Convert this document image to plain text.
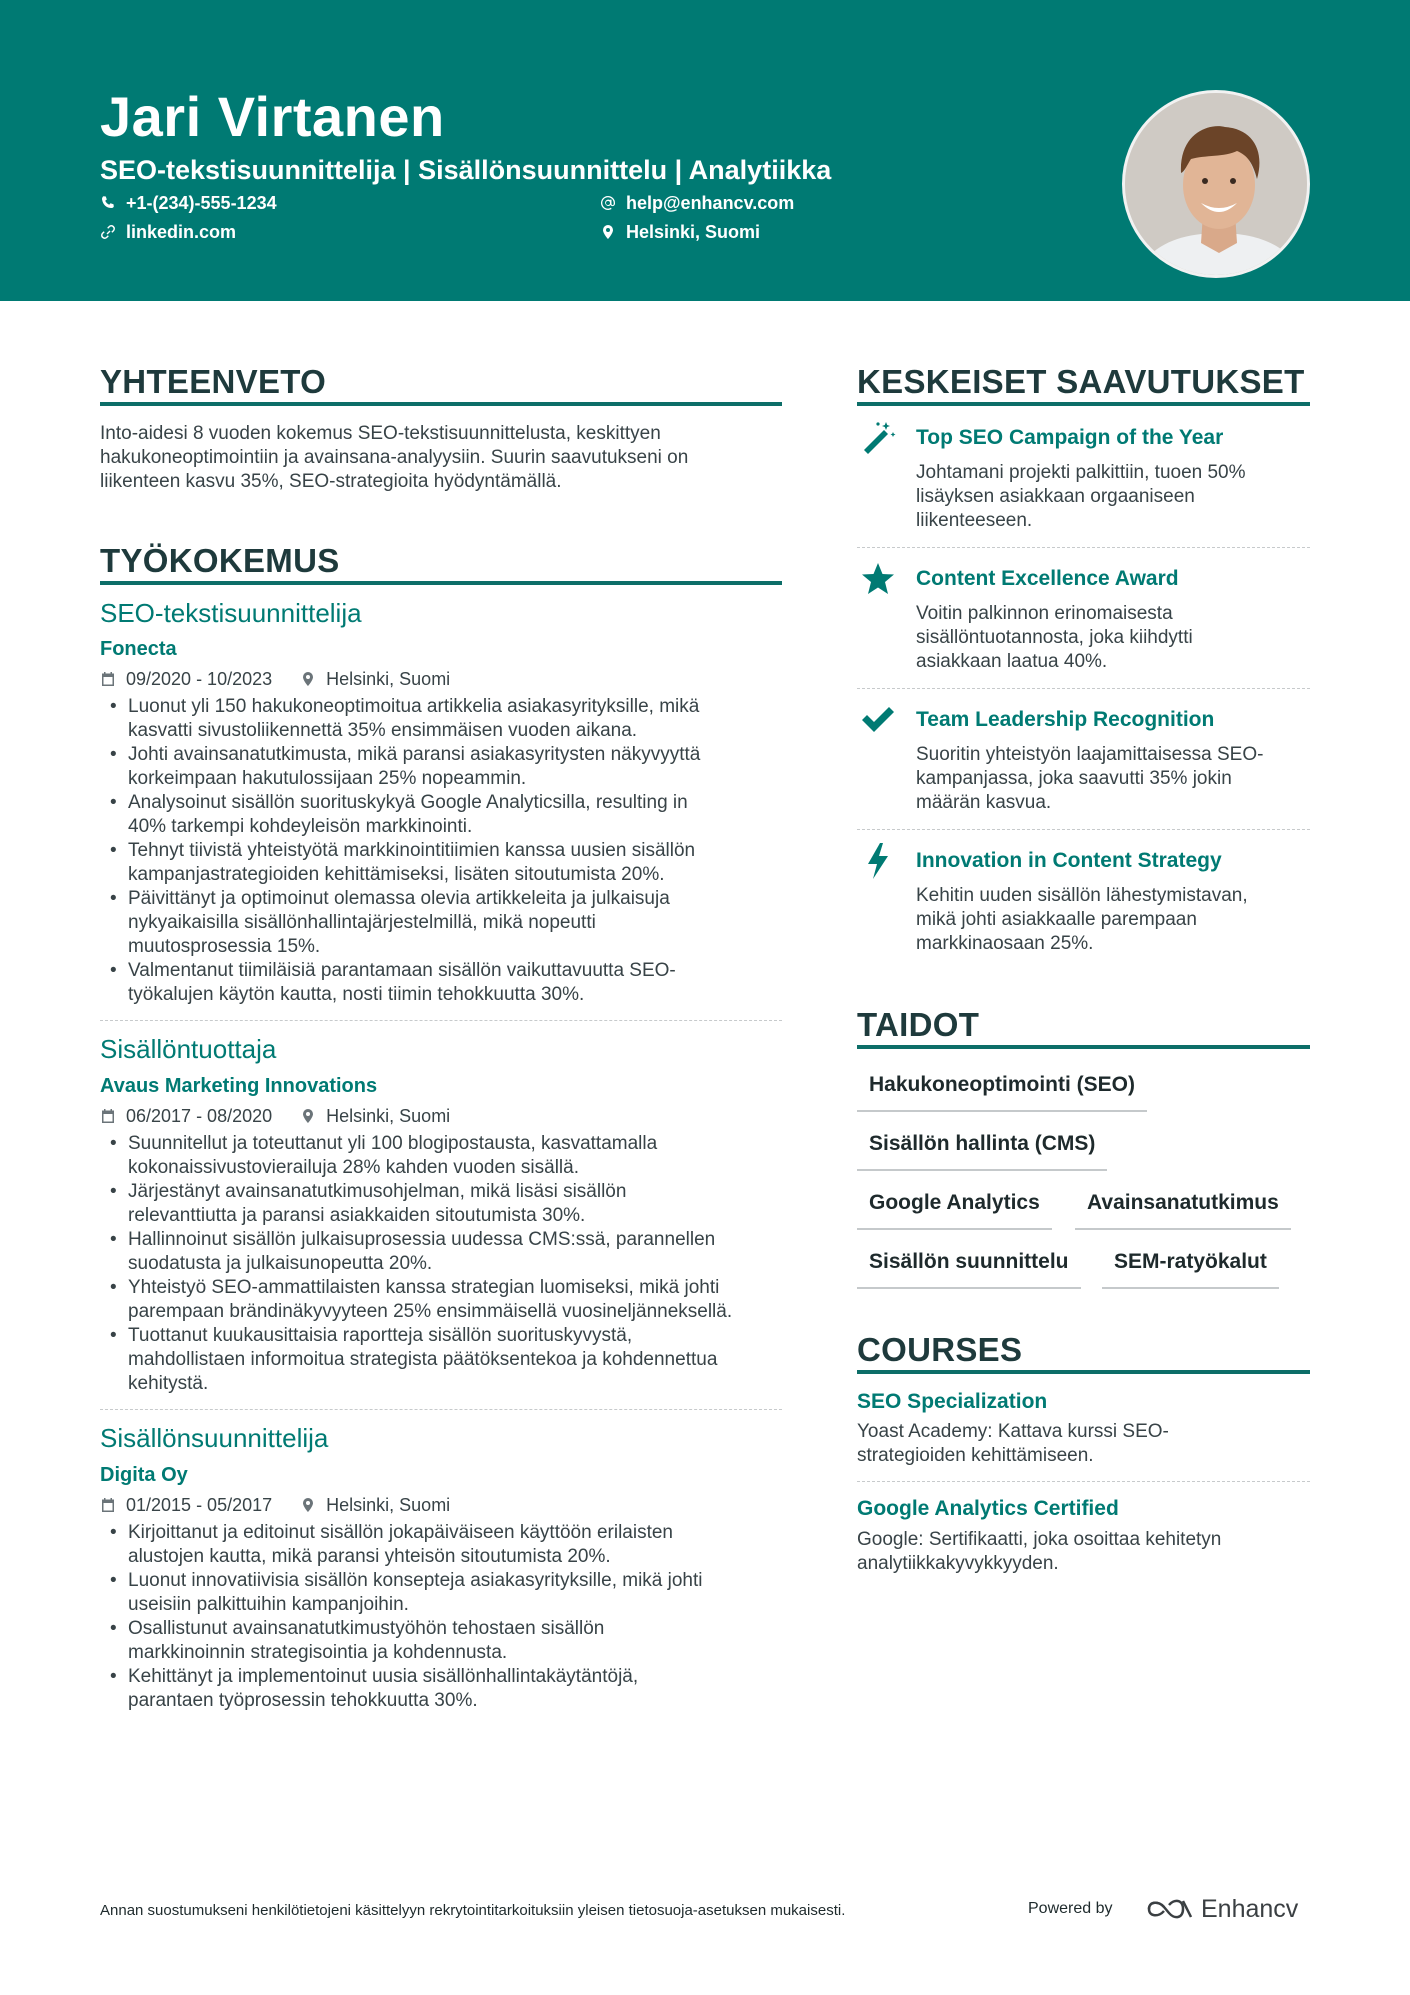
Jari Virtanen
SEO-tekstisuunnittelija | Sisällönsuunnittelu | Analytiikka
+1-(234)-555-1234	help@enhancv.com
linkedin.com	Helsinki, Suomi
YHTEENVETO
Into-aidesi 8 vuoden kokemus SEO-tekstisuunnittelusta, keskittyen
hakukoneoptimointiin ja avainsana-analyysiin. Suurin saavutukseni on
liikenteen kasvu 35%, SEO-strategioita hyödyntämällä.
TYÖKOKEMUS
SEO-tekstisuunnittelija
Fonecta
09/2020 - 10/2023	Helsinki, Suomi
• Luonut yli 150 hakukoneoptimoitua artikkelia asiakasyrityksille, mikä
kasvatti sivustoliikennettä 35% ensimmäisen vuoden aikana.
• Johti avainsanatutkimusta, mikä paransi asiakasyritysten näkyvyyttä
korkeimpaan hakutulossijaan 25% nopeammin.
• Analysoinut sisällön suorituskykyä Google Analyticsilla, resulting in
40% tarkempi kohdeyleisön markkinointi.
• Tehnyt tiivistä yhteistyötä markkinointitiimien kanssa uusien sisällön
kampanjastrategioiden kehittämiseksi, lisäten sitoutumista 20%.
• Päivittänyt ja optimoinut olemassa olevia artikkeleita ja julkaisuja
nykyaikaisilla sisällönhallintajärjestelmillä, mikä nopeutti
muutosprosessia 15%.
• Valmentanut tiimiläisiä parantamaan sisällön vaikuttavuutta SEO-
työkalujen käytön kautta, nosti tiimin tehokkuutta 30%.
Sisällöntuottaja
Avaus Marketing Innovations
06/2017 - 08/2020	Helsinki, Suomi
• Suunnitellut ja toteuttanut yli 100 blogipostausta, kasvattamalla
kokonaissivustovierailuja 28% kahden vuoden sisällä.
• Järjestänyt avainsanatutkimusohjelman, mikä lisäsi sisällön
relevanttiutta ja paransi asiakkaiden sitoutumista 30%.
• Hallinnoinut sisällön julkaisuprosessia uudessa CMS:ssä, parannellen
suodatusta ja julkaisunopeutta 20%.
• Yhteistyö SEO-ammattilaisten kanssa strategian luomiseksi, mikä johti
parempaan brändinäkyvyyteen 25% ensimmäisellä vuosineljänneksellä.
• Tuottanut kuukausittaisia raportteja sisällön suorituskyvystä,
mahdollistaen informoitua strategista päätöksentekoa ja kohdennettua
kehitystä.
Sisällönsuunnittelija
Digita Oy
01/2015 - 05/2017	Helsinki, Suomi
• Kirjoittanut ja editoinut sisällön jokapäiväiseen käyttöön erilaisten
alustojen kautta, mikä paransi yhteisön sitoutumista 20%.
• Luonut innovatiivisia sisällön konsepteja asiakasyrityksille, mikä johti
useisiin palkittuihin kampanjoihin.
• Osallistunut avainsanatutkimustyöhön tehostaen sisällön
markkinoinnin strategisointia ja kohdennusta.
• Kehittänyt ja implementoinut uusia sisällönhallintakäytäntöjä,
parantaen työprosessin tehokkuutta 30%.
KESKEISET SAAVUTUKSET
Top SEO Campaign of the Year
Johtamani projekti palkittiin, tuoen 50%
lisäyksen asiakkaan orgaaniseen
liikenteeseen.
Content Excellence Award
Voitin palkinnon erinomaisesta
sisällöntuotannosta, joka kiihdytti
asiakkaan laatua 40%.
Team Leadership Recognition
Suoritin yhteistyön laajamittaisessa SEO-
kampanjassa, joka saavutti 35% jokin
määrän kasvua.
Innovation in Content Strategy
Kehitin uuden sisällön lähestymistavan,
mikä johti asiakkaalle parempaan
markkinaosaan 25%.
TAIDOT
Hakukoneoptimointi (SEO)
Sisällön hallinta (CMS)
Google Analytics	Avainsanatutkimus
Sisällön suunnittelu	SEM-ratyökalut
COURSES
SEO Specialization
Yoast Academy: Kattava kurssi SEO-
strategioiden kehittämiseen.
Google Analytics Certified
Google: Sertifikaatti, joka osoittaa kehitetyn
analytiikkakyvykkyyden.
Annan suostumukseni henkilötietojeni käsittelyyn rekrytointitarkoituksiin yleisen tietosuoja-asetuksen mukaisesti.	Powered by	Enhancv
